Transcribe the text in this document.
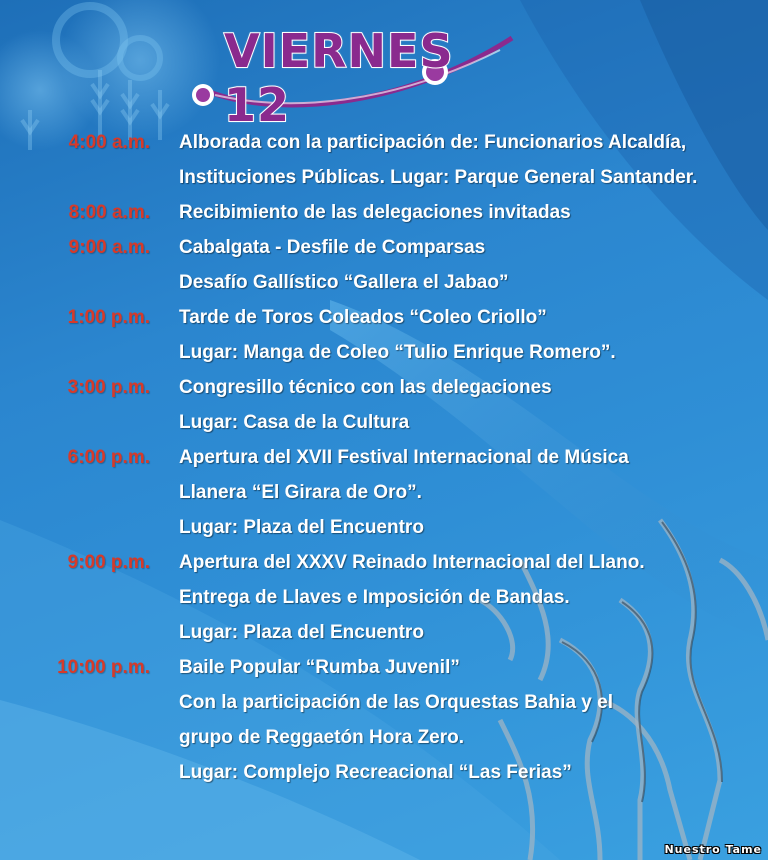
VIERNES 12
4:00 a.m. Alborada con la participación de: Funcionarios Alcaldía,
Instituciones Públicas. Lugar: Parque General Santander.
8:00 a.m. Recibimiento de las delegaciones invitadas
9:00 a.m. Cabalgata - Desfile de Comparsas
Desafío Gallístico “Gallera el Jabao”
1:00 p.m. Tarde de Toros Coleados “Coleo Criollo”
Lugar: Manga de Coleo “Tulio Enrique Romero”.
3:00 p.m. Congresillo técnico con las delegaciones
Lugar: Casa de la Cultura
6:00 p.m. Apertura del XVII Festival Internacional de Música
Llanera “El Girara de Oro”.
Lugar: Plaza del Encuentro
9:00 p.m. Apertura del XXXV Reinado Internacional del Llano.
Entrega de Llaves e Imposición de Bandas.
Lugar: Plaza del Encuentro
10:00 p.m. Baile Popular “Rumba Juvenil”
Con la participación de las Orquestas Bahia y el
grupo de Reggaetón Hora Zero.
Lugar: Complejo Recreacional “Las Ferias”
Nuestro Tame
